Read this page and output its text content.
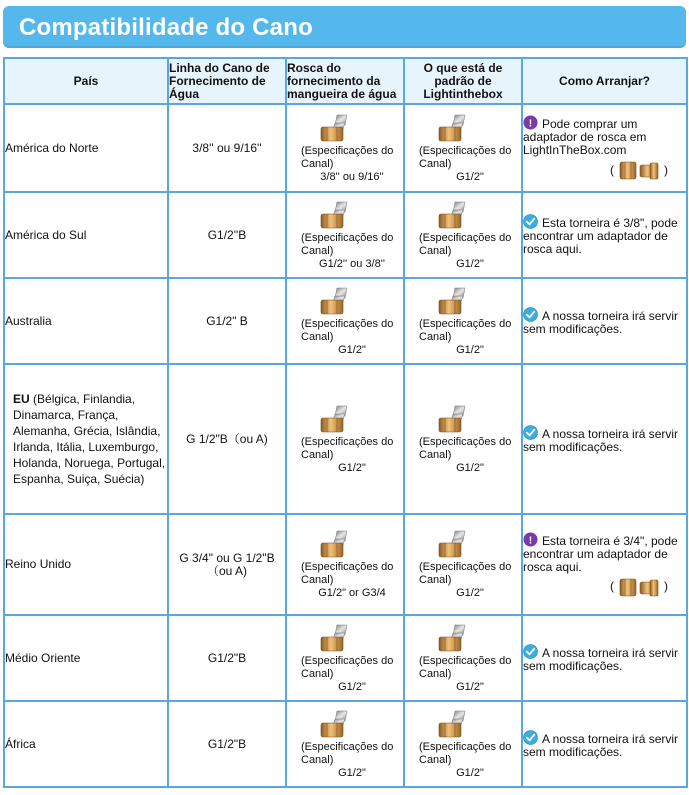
Compatibilidade do Cano
País	Linha do Cano de Fornecimento de Água	Rosca do fornecimento da mangueira de água	O que está de padrão de Lightinthebox	Como Arranjar?
América do Norte	3/8'' ou 9/16''	(Especificações do Canal)
3/8'' ou 9/16''	(Especificações do Canal)
G1/2"	Pode comprar um adaptador de rosca em LightInTheBox.com
( )

América do Sul	G1/2''B	(Especificações do Canal)
G1/2'' ou 3/8''	(Especificações do Canal)
G1/2"	Esta torneira é 3/8", pode encontrar um adaptador de rosca aqui.
Australia	G1/2" B	(Especificações do Canal)
G1/2"	(Especificações do Canal)
G1/2"	A nossa torneira irá servir sem modificações.
EU (Bélgica, Finlandia, Dinamarca, França, Alemanha, Grécia, Islândia, Irlanda, Itália, Luxemburgo, Holanda, Noruega, Portugal, Espanha, Suiça, Suécia)	G 1/2"B（ou A)	(Especificações do Canal)
G1/2"	(Especificações do Canal)
G1/2"	A nossa torneira irá servir sem modificações.
Reino Unido	G 3/4" ou G 1/2"B（ou A)	(Especificações do Canal)
G1/2" or G3/4	(Especificações do Canal)
G1/2"	Esta torneira é 3/4", pode encontrar um adaptador de rosca aqui.
( )

Médio Oriente	G1/2"B	(Especificações do Canal)
G1/2"	(Especificações do Canal)
G1/2"	A nossa torneira irá servir sem modificações.
África	G1/2"B	(Especificações do Canal)
G1/2"	(Especificações do Canal)
G1/2"	A nossa torneira irá servir sem modificações.
